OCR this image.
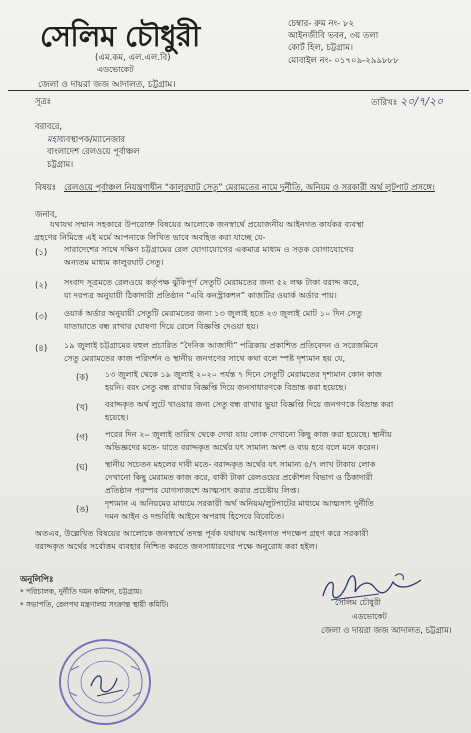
সেলিম চৌধুরী
(এম.কম, এল.এল.বি)
এডভোকেট
জেলা ও দায়রা জজ আদালত, চট্টগ্রাম।
চেম্বার- রুম নং- ৮২
আইনজীবি ভবন, ৩য় তলা
কোর্ট হিল, চট্টগ্রাম।
মোবাইল নং- ০১৭০৯-২৯৯৮৮৮
সূত্রঃ	তারিখঃ ২০/৭/২০
বরাবরে,
মহাব্যবস্থাপক/ম্যানেজার
বাংলাদেশ রেলওয়ে পূর্বাঞ্চল
চট্টগ্রাম।
বিষয়ঃ রেলওয়ে পূর্বাঞ্চল নিয়ন্ত্রণাধীন “কালুরঘাট সেতু” মেরামতের নামে দুর্নীতি, অনিয়ম ও সরকারী অর্থ লুটপাট প্রসঙ্গে।
জনাব,
যথাযথ সম্মান সহকারে উপরোক্ত বিষয়ের আলোকে জনস্বার্থে প্রয়োজনীয় আইনগত কার্যকর ব্যবস্থা
গ্রহণের নিমিত্তে এই মর্মে আপনাকে লিখিত ভাবে অবহিত করা যাচ্ছে যে-
(১) সারাদেশের সাথে দক্ষিণ চট্টগ্রামের রেল যোগাযোগের একমাত্র মাধ্যম ও সড়ক যোগাযোগের
অন্যতম মাধ্যম কালুরঘাট সেতু।
(২) সংবাদ সূত্রমতে রেলওয়ে কর্তৃপক্ষ ঝুঁকিপূর্ণ সেতুটি মেরামতের জন্য ৫২ লক্ষ টাকা বরাদ্দ করে,
যা দরপত্র অনুযায়ী ঠিকাদারী প্রতিষ্ঠান “এবি কনস্ট্রাকশন” কাজটির ওয়ার্ক অর্ডার পায়।
(৩) ওয়ার্ক অর্ডার অনুযায়ী সেতুটি মেরামতের জন্য ১৩ জুলাই হতে ২৩ জুলাই মোট ১০ দিন সেতু
যাতায়াতে বন্ধ রাখার ঘোষণা দিয়ে রেলে বিজ্ঞপ্তি দেওয়া হয়।
(৪) ১৯ জুলাই চট্টগ্রামের বহুল প্রচারিত “দৈনিক আজাদী” পত্রিকায় প্রকাশিত প্রতিবেদন ও সরেজমিনে
সেতু মেরামতের কাজ পরিদর্শন ও স্থানীয় জনগণের সাথে কথা বলে স্পষ্ট দৃশ্যমান হয় যে,
(ক) ১৩ জুলাই থেকে ১৯ জুলাই ২০২০ পর্যন্ত ৭ দিনে সেতুটি মেরামতের দৃশ্যমান কোন কাজ
হয়নি। বরং সেতু বন্ধ রাখার বিজ্ঞপ্তি দিয়ে জনসাধারণকে বিভ্রান্ত করা হয়েছে।
(খ) বরাদ্দকৃত অর্থ লুটে খাওয়ার জন্য সেতু বন্ধ রাখার ভুয়া বিজ্ঞপ্তি দিয়ে জনগণকে বিভ্রান্ত করা
হয়েছে।
(গ) পরের দিন ২০ জুলাই তারিখ থেকে দেখা যায় লোক দেখানো কিছু কাজ করা হয়েছে। স্থানীয়
অভিজ্ঞদের মতে- যাতে বরাদ্দকৃত অর্থের যৎ সামান্য অংশ ও ব্যয় হবে বলে মনে করেন।
(ঘ) স্থানীয় সচেতন মহলের দাবী মতে- বরাদ্দকৃত অর্থের যৎ সামান্য ৫/৭ লাখ টাকায় লোক
দেখানো কিছু মেরামত কাজ করে, বাকী টাকা রেলওয়ের প্রকৌশল বিভাগ ও ঠিকাদারী
প্রতিষ্ঠান পরস্পর যোগসাজশে আত্মসাৎ করার প্রচেষ্টায় লিপ্ত।
(ঙ)
দৃশ্যমান এ অনিয়মের মাধ্যমে সরকারী অর্থ অনিয়ম/লুটপাটের মাধ্যমে আত্মসাৎ দুর্নীতি
দমন আইন ও দন্ডবিধি আইনে অপরাধ হিসেবে বিবেচিত।
অতএব, উল্লেখিত বিষয়ের আলোকে জনস্বার্থে তদন্ত পূর্বক যথাযথ আইনগত পদক্ষেপ গ্রহণ করে সরকারী
বরাদ্দকৃত অর্থের সর্বোত্তম ব্যবহার নিশ্চিত করতে জনসাধারণের পক্ষে অনুরোধ করা হইল।
অনুলিপিঃ
* পরিচালক, দুর্নীতি দমন কমিশন, চট্টগ্রাম।
* সভাপতি, রেলপথ মন্ত্রণালয় সংক্রান্ত স্থায়ী কমিটি।	সেলিম চৌধুরী
এডভোকেট
জেলা ও দায়রা জজ আদালত, চট্টগ্রাম।
